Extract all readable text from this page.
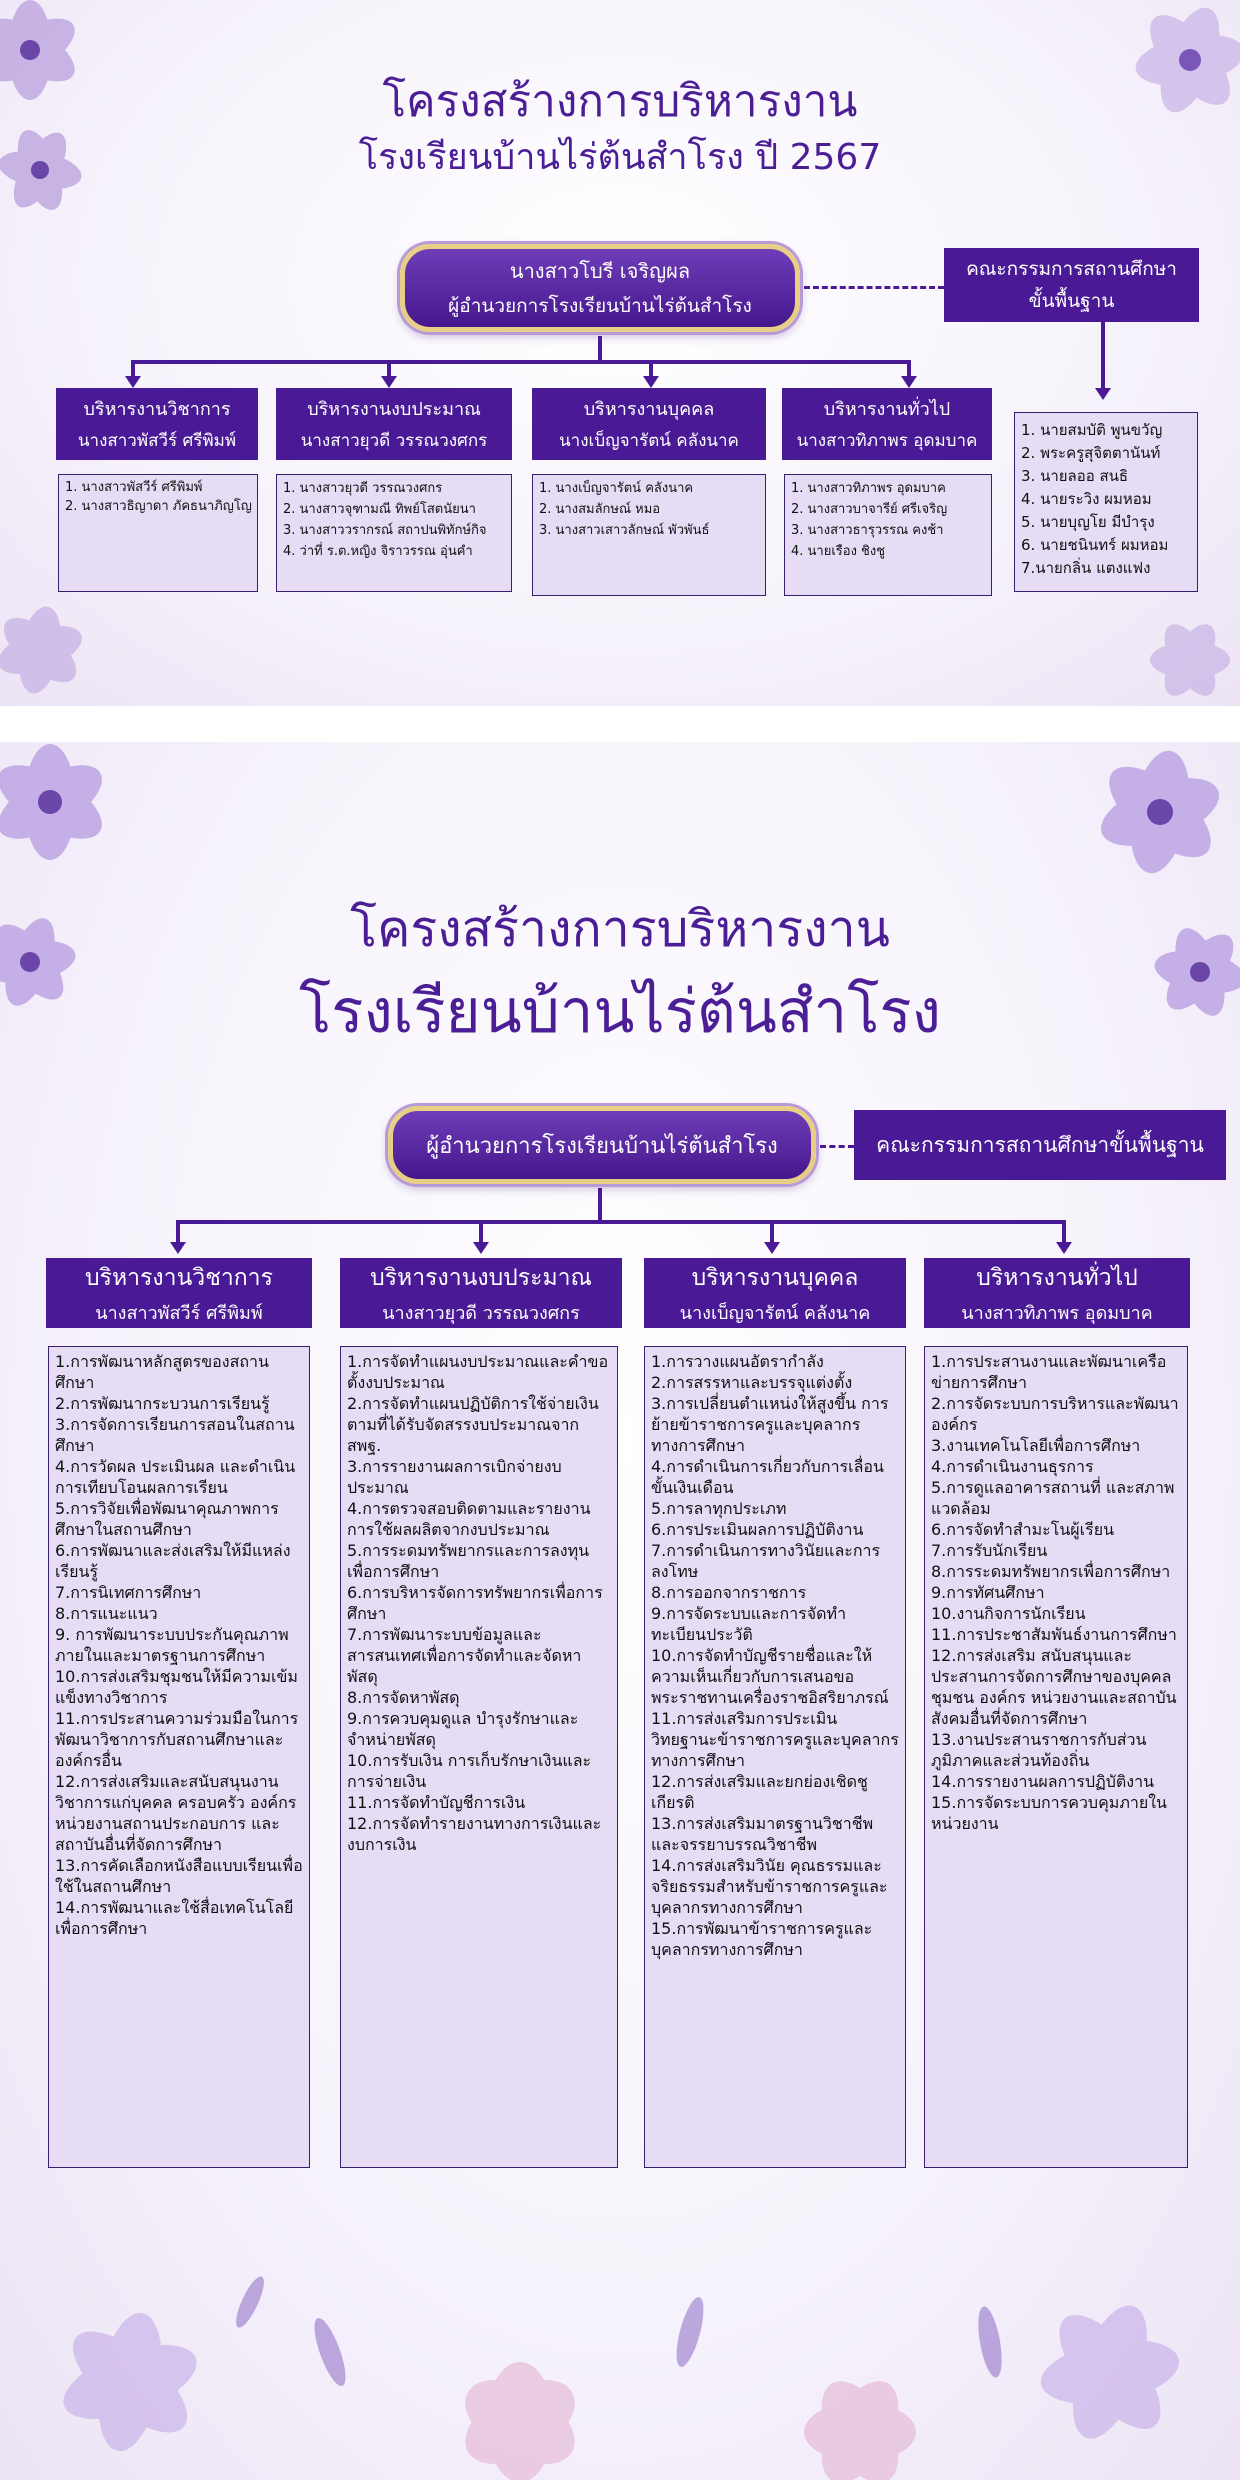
โครงสร้างการบริหารงาน
โรงเรียนบ้านไร่ต้นสำโรง ปี 2567
นางสาวโบรี เจริญผล
ผู้อำนวยการโรงเรียนบ้านไร่ต้นสำโรง
คณะกรรมการสถานศึกษา
ขั้นพื้นฐาน
บริหารงานวิชาการ
นางสาวพัสวีร์ ศรีพิมพ์
บริหารงานงบประมาณ
นางสาวยุวดี วรรณวงศกร
บริหารงานบุคคล
นางเบ็ญจารัตน์ คลังนาค
บริหารงานทั่วไป
นางสาวทิภาพร อุดมบาค
1. นางสาวพัสวีร์ ศรีพิมพ์
2. นางสาวธิญาดา ภัคธนาภิญโญ
1. นางสาวยุวดี วรรณวงศกร
2. นางสาวจุฑามณี ทิพย์โสตนัยนา
3. นางสาววรากรณ์ สถาปนพิทักษ์กิจ
4. ว่าที่ ร.ต.หญิง จิราวรรณ อุ่นคำ
1. นางเบ็ญจารัตน์ คลังนาค
2. นางสมลักษณ์ หมอ
3. นางสาวเสาวลักษณ์ พัวพันธ์
1. นางสาวทิภาพร อุดมบาค
2. นางสาวบาจารีย์ ศรีเจริญ
3. นางสาวธารุวรรณ คงช้า
4. นายเรือง ชิงชู
1. นายสมบัติ พูนขวัญ
2. พระครูสุจิตตานันท์
3. นายลออ สนธิ
4. นายระวิง ผมหอม
5. นายบุญโย มีบำรุง
6. นายชนินทร์ ผมหอม
7.นายกลิ่น แตงแฟง
โครงสร้างการบริหารงาน
โรงเรียนบ้านไร่ต้นสำโรง
ผู้อำนวยการโรงเรียนบ้านไร่ต้นสำโรง	คณะกรรมการสถานศึกษาขั้นพื้นฐาน
บริหารงานวิชาการ
นางสาวพัสวีร์ ศรีพิมพ์
บริหารงานงบประมาณ
นางสาวยุวดี วรรณวงศกร
บริหารงานบุคคล
นางเบ็ญจารัตน์ คลังนาค
บริหารงานทั่วไป
นางสาวทิภาพร อุดมบาค
1.การพัฒนาหลักสูตรของสถานศึกษา
2.การพัฒนากระบวนการเรียนรู้
3.การจัดการเรียนการสอนในสถานศึกษา
4.การวัดผล ประเมินผล และดำเนินการเทียบโอนผลการเรียน
5.การวิจัยเพื่อพัฒนาคุณภาพการศึกษาในสถานศึกษา
6.การพัฒนาและส่งเสริมให้มีแหล่งเรียนรู้
7.การนิเทศการศึกษา
8.การแนะแนว
9. การพัฒนาระบบประกันคุณภาพภายในและมาตรฐานการศึกษา
10.การส่งเสริมชุมชนให้มีความเข้มแข็งทางวิชาการ
11.การประสานความร่วมมือในการพัฒนาวิชาการกับสถานศึกษาและองค์กรอื่น
12.การส่งเสริมและสนับสนุนงานวิชาการแก่บุคคล ครอบครัว องค์กร หน่วยงานสถานประกอบการ และสถาบันอื่นที่จัดการศึกษา
13.การคัดเลือกหนังสือแบบเรียนเพื่อใช้ในสถานศึกษา
14.การพัฒนาและใช้สื่อเทคโนโลยีเพื่อการศึกษา
1.การจัดทำแผนงบประมาณและคำขอตั้งงบประมาณ
2.การจัดทำแผนปฏิบัติการใช้จ่ายเงิน ตามที่ได้รับจัดสรรงบประมาณจาก สพฐ.
3.การรายงานผลการเบิกจ่ายงบประมาณ
4.การตรวจสอบติดตามและรายงานการใช้ผลผลิตจากงบประมาณ
5.การระดมทรัพยากรและการลงทุนเพื่อการศึกษา
6.การบริหารจัดการทรัพยากรเพื่อการศึกษา
7.การพัฒนาระบบข้อมูลและสารสนเทศเพื่อการจัดทำและจัดหาพัสดุ
8.การจัดหาพัสดุ
9.การควบคุมดูแล บำรุงรักษาและจำหน่ายพัสดุ
10.การรับเงิน การเก็บรักษาเงินและการจ่ายเงิน
11.การจัดทำบัญชีการเงิน
12.การจัดทำรายงานทางการเงินและงบการเงิน
1.การวางแผนอัตรากำลัง
2.การสรรหาและบรรจุแต่งตั้ง
3.การเปลี่ยนตำแหน่งให้สูงขึ้น การย้ายข้าราชการครูและบุคลากรทางการศึกษา
4.การดำเนินการเกี่ยวกับการเลื่อนขั้นเงินเดือน
5.การลาทุกประเภท
6.การประเมินผลการปฏิบัติงาน
7.การดำเนินการทางวินัยและการลงโทษ
8.การออกจากราชการ
9.การจัดระบบและการจัดทำทะเบียนประวัติ
10.การจัดทำบัญชีรายชื่อและให้ความเห็นเกี่ยวกับการเสนอขอพระราชทานเครื่องราชอิสริยาภรณ์
11.การส่งเสริมการประเมินวิทยฐานะข้าราชการครูและบุคลากรทางการศึกษา
12.การส่งเสริมและยกย่องเชิดชูเกียรติ
13.การส่งเสริมมาตรฐานวิชาชีพและจรรยาบรรณวิชาชีพ
14.การส่งเสริมวินัย คุณธรรมและจริยธรรมสำหรับข้าราชการครูและบุคลากรทางการศึกษา
15.การพัฒนาข้าราชการครูและบุคลากรทางการศึกษา
1.การประสานงานและพัฒนาเครือข่ายการศึกษา
2.การจัดระบบการบริหารและพัฒนาองค์กร
3.งานเทคโนโลยีเพื่อการศึกษา
4.การดำเนินงานธุรการ
5.การดูแลอาคารสถานที่ และสภาพแวดล้อม
6.การจัดทำสำมะโนผู้เรียน
7.การรับนักเรียน
8.การระดมทรัพยากรเพื่อการศึกษา
9.การทัศนศึกษา
10.งานกิจการนักเรียน
11.การประชาสัมพันธ์งานการศึกษา
12.การส่งเสริม สนับสนุนและประสานการจัดการศึกษาของบุคคล ชุมชน องค์กร หน่วยงานและสถาบันสังคมอื่นที่จัดการศึกษา
13.งานประสานราชการกับส่วนภูมิภาคและส่วนท้องถิ่น
14.การรายงานผลการปฏิบัติงาน
15.การจัดระบบการควบคุมภายในหน่วยงาน
